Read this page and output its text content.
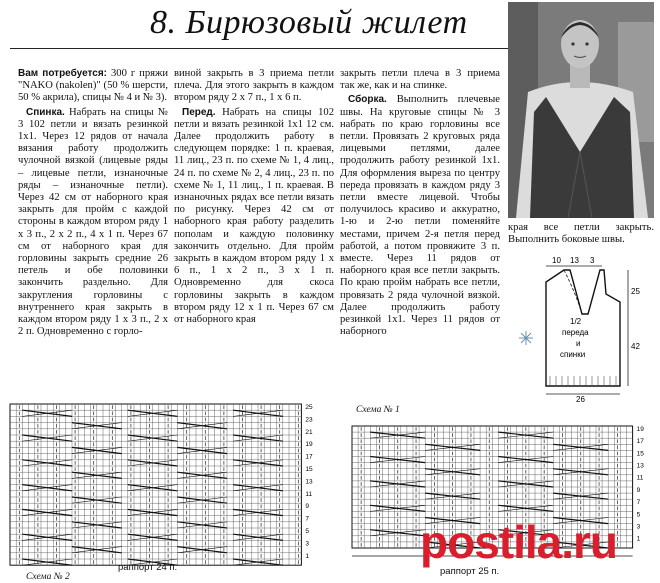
8. Бирюзовый жилет

Вам потребуется: 300 г пряжи "NAKO (nakolen)" (50 % шерсти, 50 % акрила), спицы № 4 и № 3).

Спинка. Набрать на спицы № 3 102 петли и вязать резинкой 1х1. Через 12 рядов от начала вязания работу продолжить чулочной вязкой (лицевые ряды – лицевые петли, изнаночные ряды – изнаночные петли). Через 42 см от наборного края закрыть для пройм с каждой стороны в каждом втором ряду 1 х 3 п., 2 х 2 п., 4 х 1 п. Через 67 см от наборного края для горловины закрыть средние 26 петель и обе половинки закончить раздельно. Для закругления горловины с внутреннего края закрыть в каждом втором ряду 1 х 3 п., 2 х 2 п. Одновременно с горло-

виной закрыть в 3 приема петли плеча. Для этого закрыть в каждом втором ряду 2 х 7 п., 1 х 6 п.

Перед. Набрать на спицы 102 петли и вязать резинкой 1х1 12 см. Далее продолжить работу в следующем порядке: 1 п. краевая, 11 лиц., 23 п. по схеме № 1, 4 лиц., 24 п. по схеме № 2, 4 лиц., 23 п. по схеме № 1, 11 лиц., 1 п. краевая. В изнаночных рядах все петли вязать по рисунку. Через 42 см от наборного края работу разделить пополам и каждую половинку закончить отдельно. Для пройм закрыть в каждом втором ряду 1 х 6 п., 1 х 2 п., 3 х 1 п. Одновременно для скоса горловины закрыть в каждом втором ряду 12 х 1 п. Через 67 см от наборного края

закрыть петли плеча в 3 приема так же, как и на спинке.

Сборка. Выполнить плечевые швы. На круговые спицы № 3 набрать по краю горловины все петли. Провязать 2 круговых ряда лицевыми петлями, далее продолжить работу резинкой 1х1. Для оформления выреза по центру переда провязать в каждом ряду 3 петли вместе лицевой. Чтобы получилось красиво и аккуратно, 1-ю и 2-ю петли поменяйте местами, причем 2-я петля перед работой, а потом провяжите 3 п. вместе. Через 11 рядов от наборного края все петли закрыть. По краю пройм набрать все петли, провязать 2 ряда чулочной вязкой. Далее продолжить работу резинкой 1х1. Через 11 рядов от наборного

края все петли закрыть. Выполнить боковые швы.
10 13 3
25
42
26
1/2
переда
и
спинки
25
23
21
19
17
15
13
11
9
7
5
3
1
раппорт 24 п.
Схема № 2
Схема № 1
19
17
15
13
11
9
7
5
3
1
раппорт 25 п.
postila.ru
